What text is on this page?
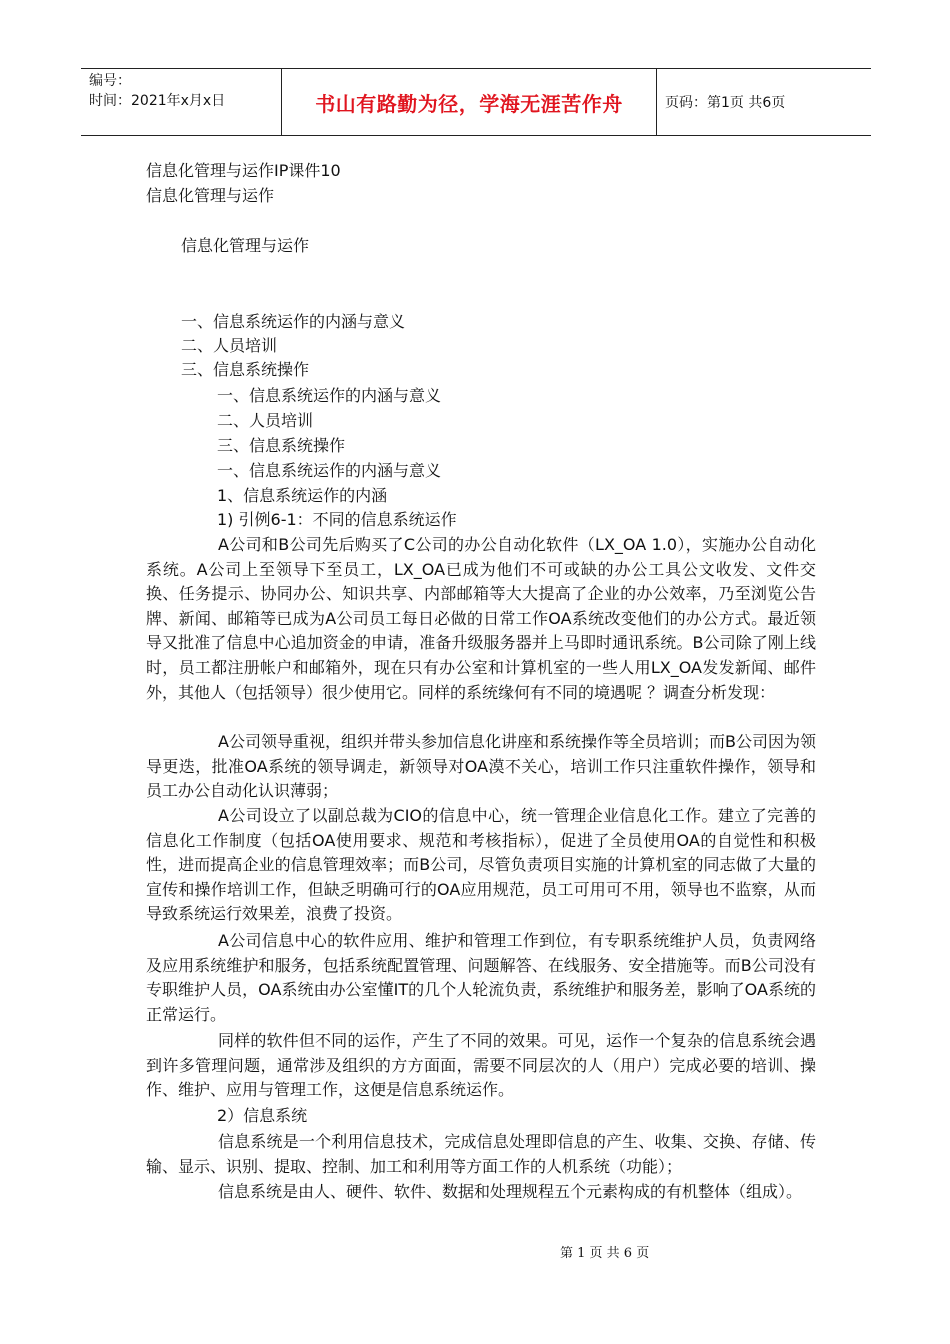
编号：
时间：2021年x月x日	书山有路勤为径，学海无涯苦作舟	页码：第1页 共6页
信息化管理与运作IP课件10
信息化管理与运作
信息化管理与运作
一、信息系统运作的内涵与意义
二、人员培训
三、信息系统操作
一、信息系统运作的内涵与意义
二、人员培训
三、信息系统操作
一、信息系统运作的内涵与意义
1、信息系统运作的内涵
1) 引例6-1：不同的信息系统运作
A公司和B公司先后购买了C公司的办公自动化软件（LX_OA 1.0），实施办公自动化系统。A公司上至领导下至员工，LX_OA已成为他们不可或缺的办公工具公文收发、文件交换、任务提示、协同办公、知识共享、内部邮箱等大大提高了企业的办公效率，乃至浏览公告牌、新闻、邮箱等已成为A公司员工每日必做的日常工作OA系统改变他们的办公方式。最近领导又批准了信息中心追加资金的申请，准备升级服务器并上马即时通讯系统。B公司除了刚上线时，员工都注册帐户和邮箱外，现在只有办公室和计算机室的一些人用LX_OA发发新闻、邮件外，其他人（包括领导）很少使用它。同样的系统缘何有不同的境遇呢 ？调查分析发现：
A公司领导重视，组织并带头参加信息化讲座和系统操作等全员培训；而B公司因为领导更迭，批准OA系统的领导调走，新领导对OA漠不关心，培训工作只注重软件操作，领导和员工办公自动化认识薄弱；
A公司设立了以副总裁为CIO的信息中心，统一管理企业信息化工作。建立了完善的信息化工作制度（包括OA使用要求、规范和考核指标），促进了全员使用OA的自觉性和积极性，进而提高企业的信息管理效率；而B公司，尽管负责项目实施的计算机室的同志做了大量的宣传和操作培训工作，但缺乏明确可行的OA应用规范，员工可用可不用，领导也不监察，从而导致系统运行效果差，浪费了投资。
A公司信息中心的软件应用、维护和管理工作到位，有专职系统维护人员，负责网络及应用系统维护和服务，包括系统配置管理、问题解答、在线服务、安全措施等。而B公司没有专职维护人员，OA系统由办公室懂IT的几个人轮流负责，系统维护和服务差，影响了OA系统的正常运行。
同样的软件但不同的运作，产生了不同的效果。可见，运作一个复杂的信息系统会遇到许多管理问题，通常涉及组织的方方面面，需要不同层次的人（用户）完成必要的培训、操作、维护、应用与管理工作，这便是信息系统运作。
2）信息系统
信息系统是一个利用信息技术，完成信息处理即信息的产生、收集、交换、存储、传输、显示、识别、提取、控制、加工和利用等方面工作的人机系统（功能）；
信息系统是由人、硬件、软件、数据和处理规程五个元素构成的有机整体（组成）。
第 1 页 共 6 页
